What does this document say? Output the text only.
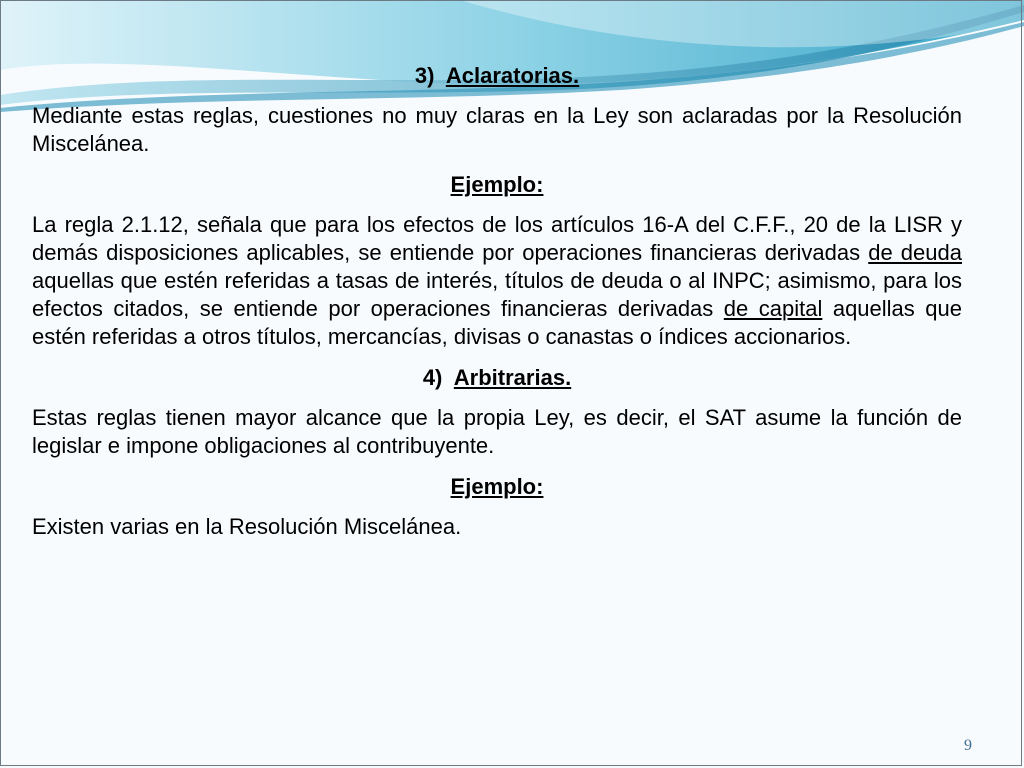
3) Aclaratorias.

Mediante estas reglas, cuestiones no muy claras en la Ley son aclaradas por la Resolución Miscelánea.

Ejemplo:

La regla 2.1.12, señala que para los efectos de los artículos 16-A del C.F.F., 20 de la LISR y demás disposiciones aplicables, se entiende por operaciones financieras derivadas de deuda aquellas que estén referidas a tasas de interés, títulos de deuda o al INPC; asimismo, para los efectos citados, se entiende por operaciones financieras derivadas de capital aquellas que estén referidas a otros títulos, mercancías, divisas o canastas o índices accionarios.

4) Arbitrarias.

Estas reglas tienen mayor alcance que la propia Ley, es decir, el SAT asume la función de legislar e impone obligaciones al contribuyente.

Ejemplo:

Existen varias en la Resolución Miscelánea.

9
